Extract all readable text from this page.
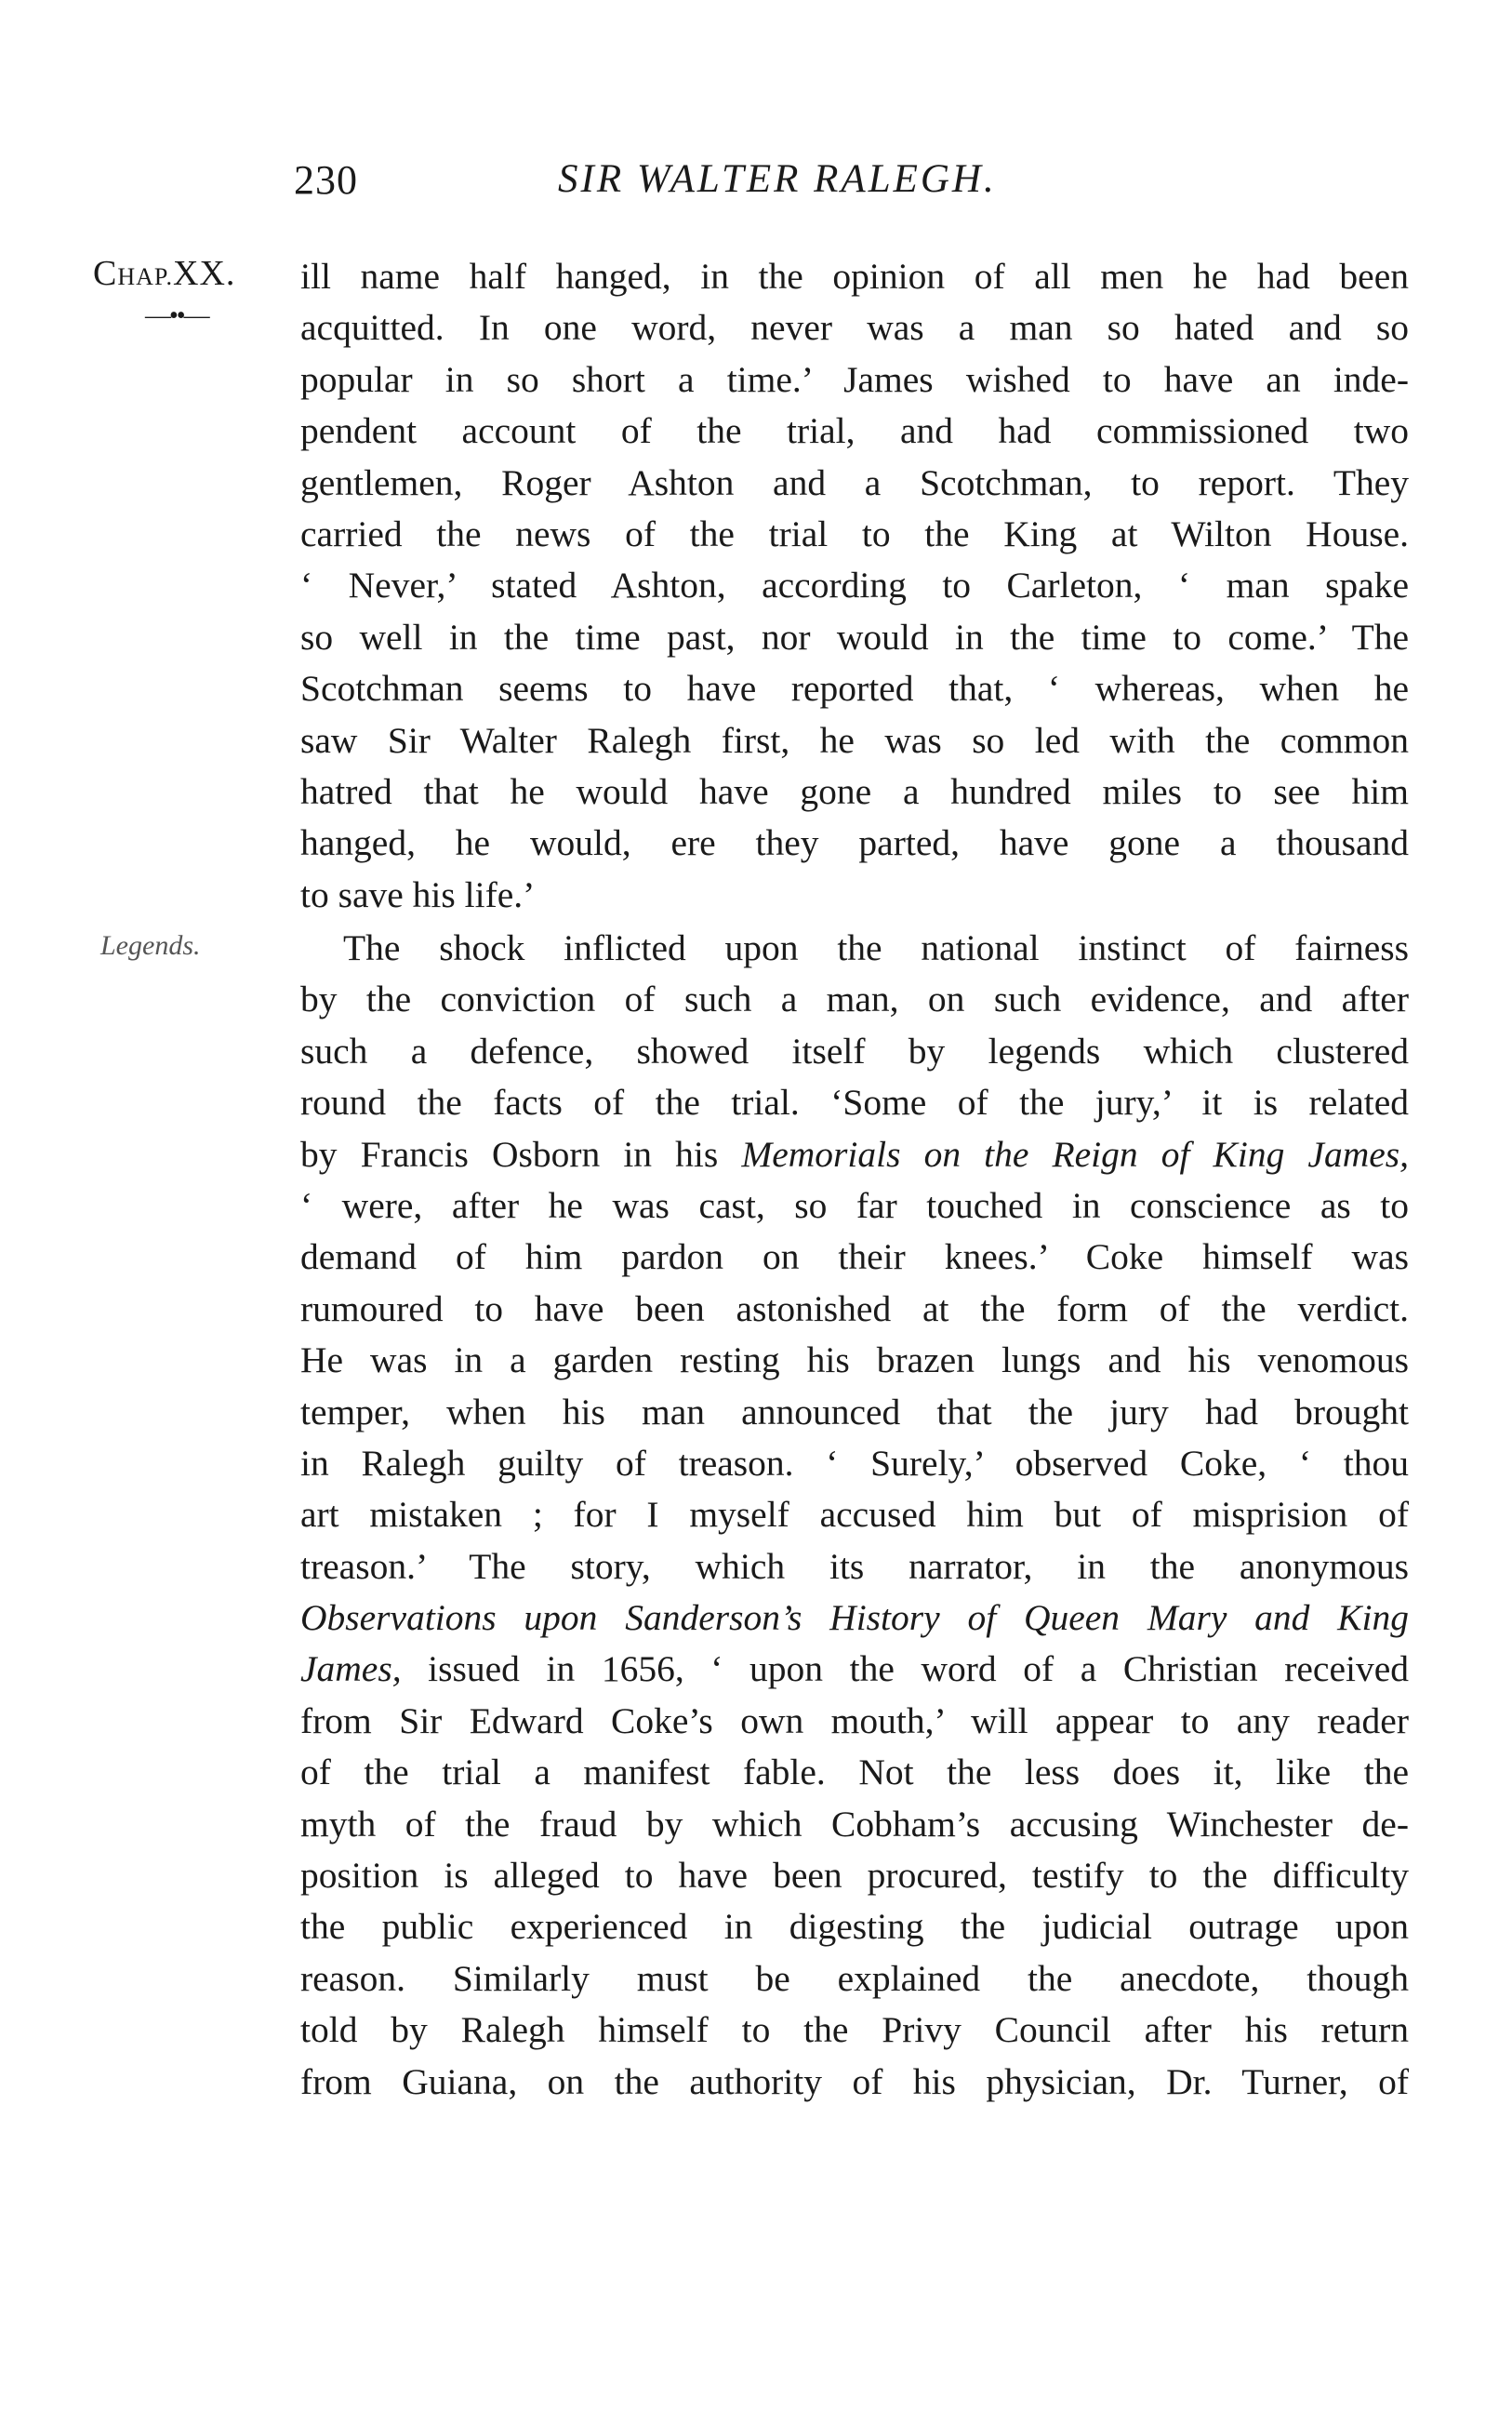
230	SIR WALTER RALEGH.
CHAP.XX.
—••—
Legends.
ill name half hanged, in the opinion of all men he had been
acquitted. In one word, never was a man so hated and so
popular in so short a time.’ James wished to have an inde-
pendent account of the trial, and had commissioned two
gentlemen, Roger Ashton and a Scotchman, to report. They
carried the news of the trial to the King at Wilton House.
‘ Never,’ stated Ashton, according to Carleton, ‘ man spake
so well in the time past, nor would in the time to come.’ The
Scotchman seems to have reported that, ‘ whereas, when he
saw Sir Walter Ralegh first, he was so led with the common
hatred that he would have gone a hundred miles to see him
hanged, he would, ere they parted, have gone a thousand
to save his life.’
The shock inflicted upon the national instinct of fairness
by the conviction of such a man, on such evidence, and after
such a defence, showed itself by legends which clustered
round the facts of the trial. ‘Some of the jury,’ it is related
by Francis Osborn in his Memorials on the Reign of King James,
‘ were, after he was cast, so far touched in conscience as to
demand of him pardon on their knees.’ Coke himself was
rumoured to have been astonished at the form of the verdict.
He was in a garden resting his brazen lungs and his venomous
temper, when his man announced that the jury had brought
in Ralegh guilty of treason. ‘ Surely,’ observed Coke, ‘ thou
art mistaken ; for I myself accused him but of misprision of
treason.’ The story, which its narrator, in the anonymous
Observations upon Sanderson’s History of Queen Mary and King
James, issued in 1656, ‘ upon the word of a Christian received
from Sir Edward Coke’s own mouth,’ will appear to any reader
of the trial a manifest fable. Not the less does it, like the
myth of the fraud by which Cobham’s accusing Winchester de-
position is alleged to have been procured, testify to the difficulty
the public experienced in digesting the judicial outrage upon
reason. Similarly must be explained the anecdote, though
told by Ralegh himself to the Privy Council after his return
from Guiana, on the authority of his physician, Dr. Turner, of
